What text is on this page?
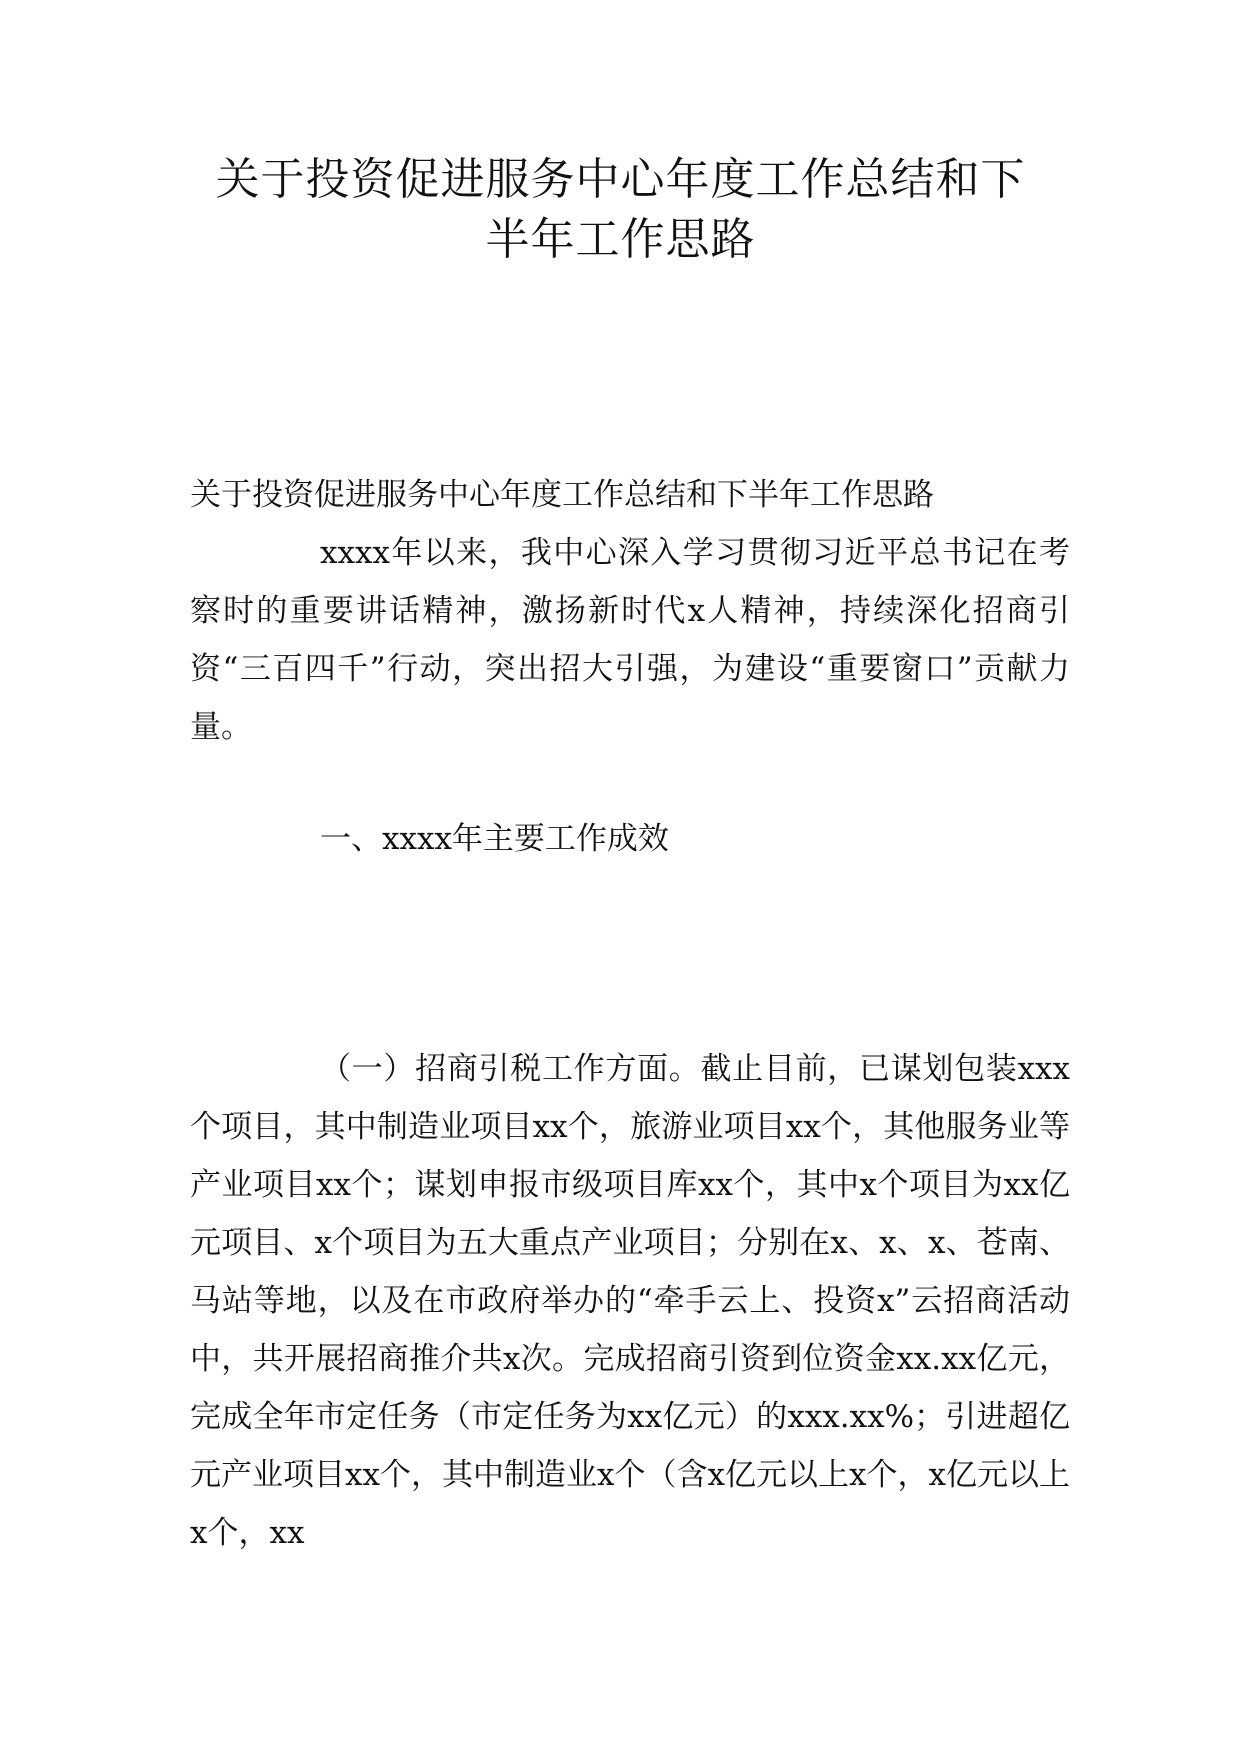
关于投资促进服务中心年度工作总结和下
半年工作思路
关于投资促进服务中心年度工作总结和下半年工作思路
xxxx年以来，我中心深入学习贯彻习近平总书记在考察时的重要讲话精神，激扬新时代x人精神，持续深化招商引资“三百四千”行动，突出招大引强，为建设“重要窗口”贡献力量。
一、xxxx年主要工作成效
（一）招商引税工作方面。截止目前，已谋划包装xxx个项目，其中制造业项目xx个，旅游业项目xx个，其他服务业等产业项目xx个；谋划申报市级项目库xx个，其中x个项目为xx亿元项目、x个项目为五大重点产业项目；分别在x、x、x、苍南、马站等地，以及在市政府举办的“牵手云上、投资x”云招商活动中，共开展招商推介共x次。完成招商引资到位资金xx.xx亿元，完成全年市定任务（市定任务为xx亿元）的xxx.xx%；引进超亿元产业项目xx个，其中制造业x个（含x亿元以上x个，x亿元以上x个，xx
